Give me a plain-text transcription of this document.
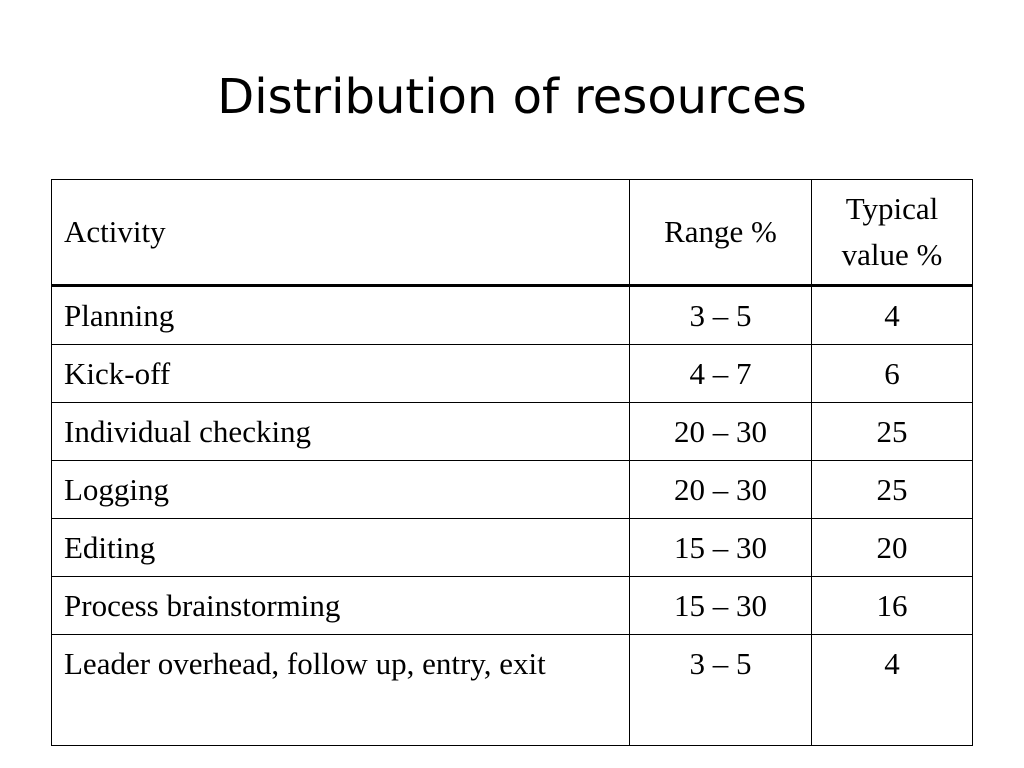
Distribution of resources
Activity	Range %	Typical
value %
Planning	3 – 5	4
Kick-off	4 – 7	6
Individual checking	20 – 30	25
Logging	20 – 30	25
Editing	15 – 30	20
Process brainstorming	15 – 30	16
Leader overhead, follow up, entry, exit	3 – 5	4
